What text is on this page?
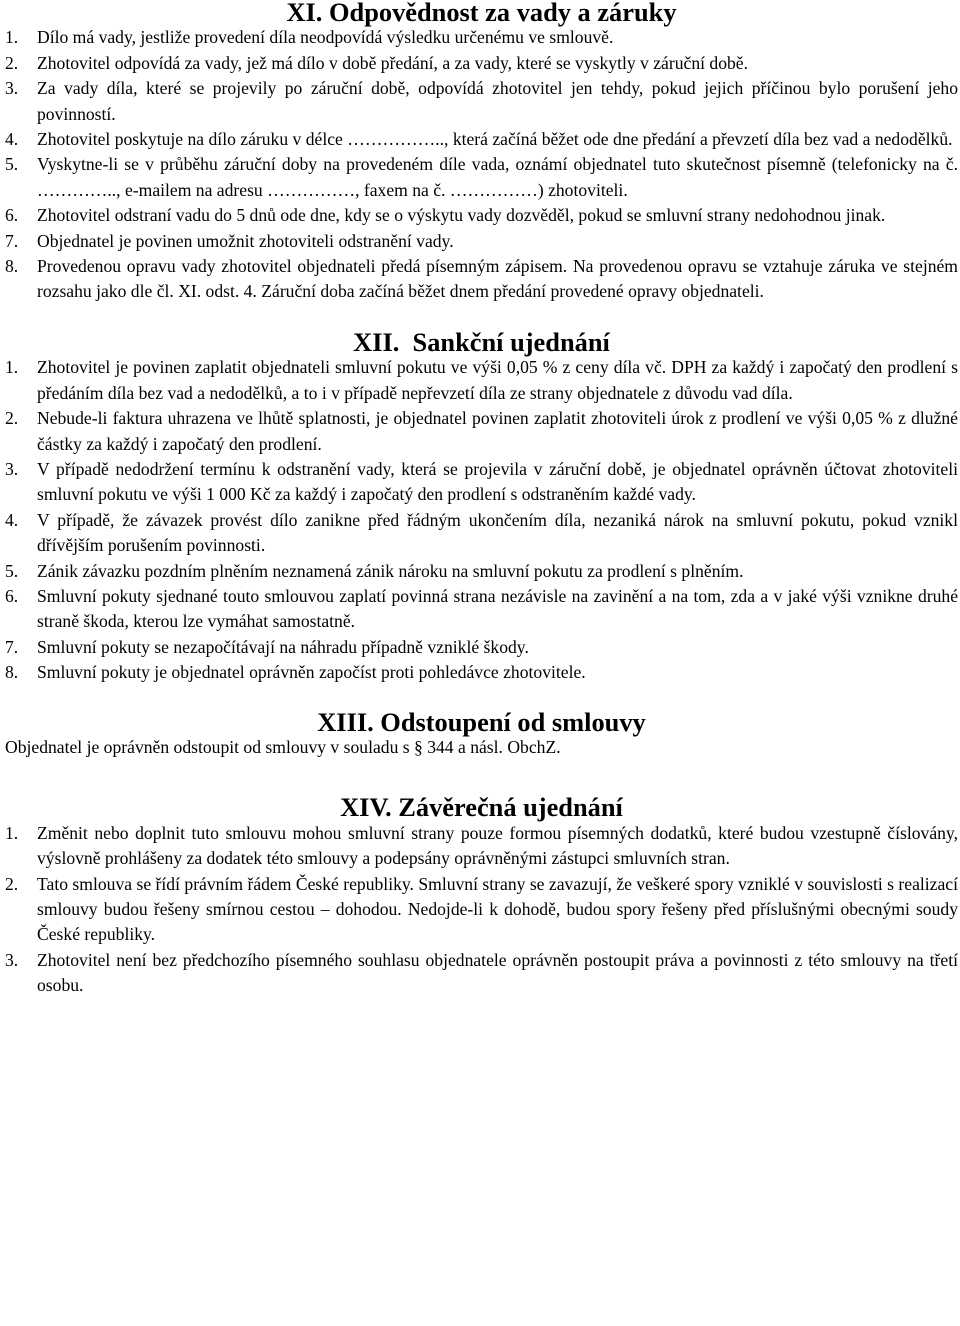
XI. Odpovědnost za vady a záruky
1.	Dílo má vady, jestliže provedení díla neodpovídá výsledku určenému ve smlouvě.
2.	Zhotovitel odpovídá za vady, jež má dílo v době předání, a za vady, které se vyskytly v záruční době.
3.	Za vady díla, které se projevily po záruční době, odpovídá zhotovitel jen tehdy, pokud jejich příčinou bylo porušení jeho povinností.
4.	Zhotovitel poskytuje na dílo záruku v délce …………….., která začíná běžet ode dne předání a převzetí díla bez vad a nedodělků.
5.	Vyskytne-li se v průběhu záruční doby na provedeném díle vada, oznámí objednatel tuto skutečnost písemně (telefonicky na č. ………….., e-mailem na adresu ……………, faxem na č. ……………) zhotoviteli.
6.	Zhotovitel odstraní vadu do 5 dnů ode dne, kdy se o výskytu vady dozvěděl, pokud se smluvní strany nedohodnou jinak.
7.	Objednatel je povinen umožnit zhotoviteli odstranění vady.
8.	Provedenou opravu vady zhotovitel objednateli předá písemným zápisem. Na provedenou opravu se vztahuje záruka ve stejném rozsahu jako dle čl. XI. odst. 4. Záruční doba začíná běžet dnem předání provedené opravy objednateli.
XII.  Sankční ujednání
1.	Zhotovitel je povinen zaplatit objednateli smluvní pokutu ve výši 0,05 % z ceny díla vč. DPH za každý i započatý den prodlení s předáním díla bez vad a nedodělků, a to i v případě nepřevzetí díla ze strany objednatele z důvodu vad díla.
2.	Nebude-li faktura uhrazena ve lhůtě splatnosti, je objednatel povinen zaplatit zhotoviteli úrok z prodlení ve výši 0,05 % z dlužné částky za každý i započatý den prodlení.
3.	V případě nedodržení termínu k odstranění vady, která se projevila v záruční době, je objednatel oprávněn účtovat zhotoviteli smluvní pokutu ve výši 1 000 Kč za každý i započatý den prodlení s odstraněním každé vady.
4.	V případě, že závazek provést dílo zanikne před řádným ukončením díla, nezaniká nárok na smluvní pokutu, pokud vznikl dřívějším porušením povinnosti.
5.	Zánik závazku pozdním plněním neznamená zánik nároku na smluvní pokutu za prodlení s plněním.
6.	Smluvní pokuty sjednané touto smlouvou zaplatí povinná strana nezávisle na zavinění a na tom, zda a v jaké výši vznikne druhé straně škoda, kterou lze vymáhat samostatně.
7.	Smluvní pokuty se nezapočítávají na náhradu případně vzniklé škody.
8.	Smluvní pokuty je objednatel oprávněn započíst proti pohledávce zhotovitele.
XIII. Odstoupení od smlouvy

Objednatel je oprávněn odstoupit od smlouvy v souladu s § 344 a násl. ObchZ.

XIV. Závěrečná ujednání
1.	Změnit nebo doplnit tuto smlouvu mohou smluvní strany pouze formou písemných dodatků, které budou vzestupně číslovány, výslovně prohlášeny za dodatek této smlouvy a podepsány oprávněnými zástupci smluvních stran.
2.	Tato smlouva se řídí právním řádem České republiky. Smluvní strany se zavazují, že veškeré spory vzniklé v souvislosti s realizací smlouvy budou řešeny smírnou cestou – dohodou. Nedojde-li k dohodě, budou spory řešeny před příslušnými obecnými soudy České republiky.
3.	Zhotovitel není bez předchozího písemného souhlasu objednatele oprávněn postoupit práva a povinnosti z této smlouvy na třetí osobu.
